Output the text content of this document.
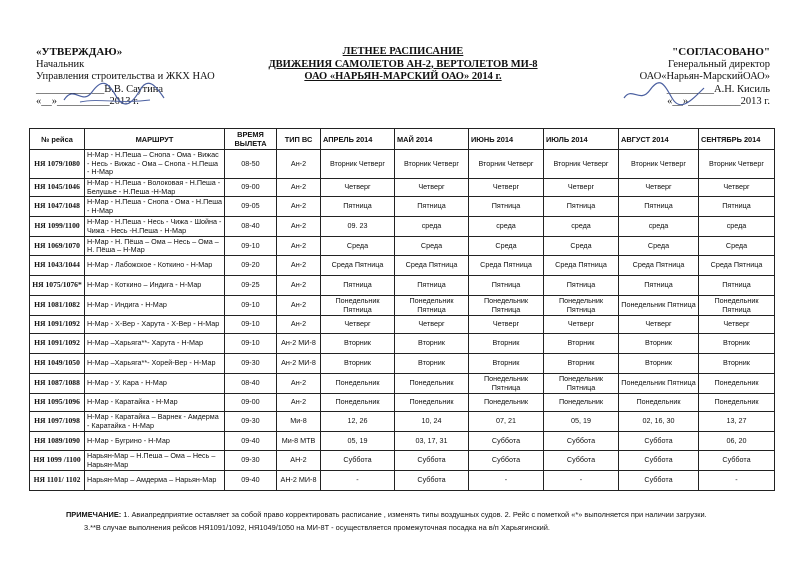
«УТВЕРЖДАЮ»
Начальник
Управления строительства и ЖКХ НАО
_____________В.В. Саутина
«__»__________2013 г.
ЛЕТНЕЕ РАСПИСАНИЕ
ДВИЖЕНИЯ САМОЛЕТОВ АН-2, ВЕРТОЛЕТОВ МИ-8
ОАО «НАРЬЯН-МАРСКИЙ ОАО» 2014 г.
"СОГЛАСОВАНО"
Генеральный директор
ОАО«Нарьян-МарскийОАО»
_________А.Н. Кисиль
«__»__________2013 г.
№ рейса	МАРШРУТ	ВРЕМЯ ВЫЛЕТА	ТИП ВС	АПРЕЛЬ 2014	МАЙ 2014	ИЮНЬ 2014	ИЮЛЬ 2014	АВГУСТ 2014	СЕНТЯБРЬ 2014
НЯ 1079/1080	Н-Мар - Н.Пеша – Снопа - Ома - Вижас - Несь - Вижас - Ома – Снопа - Н.Пеша - Н-Мар	08-50	Ан-2	Вторник Четверг	Вторник Четверг	Вторник Четверг	Вторник Четверг	Вторник Четверг	Вторник Четверг
НЯ 1045/1046	Н-Мар - Н.Пеша - Волоковая - Н.Пеша - Белушье - Н.Пеша -Н-Мар	09-00	Ан-2	Четверг	Четверг	Четверг	Четверг	Четверг	Четверг
НЯ 1047/1048	Н-Мар - Н.Пеша - Снопа - Ома - Н.Пеша - Н-Мар	09-05	Ан-2	Пятница	Пятница	Пятница	Пятница	Пятница	Пятница
НЯ 1099/1100	Н-Мар - Н.Пеша - Несь - Чижа - Шойна - Чижа - Несь -Н.Пеша - Н-Мар	08-40	Ан-2	09. 23	среда	среда	среда	среда	среда
НЯ 1069/1070	Н-Мар - Н. Пёша – Ома – Несь – Ома – Н. Пёша – Н-Мар	09-10	Ан-2	Среда	Среда	Среда	Среда	Среда	Среда
НЯ 1043/1044	Н-Мар - Лабожское - Коткино - Н-Мар	09-20	Ан-2	Среда Пятница	Среда Пятница	Среда Пятница	Среда Пятница	Среда Пятница	Среда Пятница
НЯ 1075/1076*	Н-Мар - Коткино – Индига - Н-Мар	09-25	Ан-2	Пятница	Пятница	Пятница	Пятница	Пятница	Пятница
НЯ 1081/1082	Н-Мар - Индига - Н-Мар	09-10	Ан-2	Понедельник Пятница	Понедельник Пятница	Понедельник Пятница	Понедельник Пятница	Понедельник Пятница	Понедельник Пятница
НЯ 1091/1092	Н-Мар - Х-Вер - Харута - Х-Вер - Н-Мар	09-10	Ан-2	Четверг	Четверг	Четверг	Четверг	Четверг	Четверг
НЯ 1091/1092	Н-Мар –Харьяга**- Харута - Н-Мар	09-10	Ан-2 МИ-8	Вторник	Вторник	Вторник	Вторник	Вторник	Вторник
НЯ 1049/1050	Н-Мар –Харьяга**- Хорей-Вер - Н-Мар	09-30	Ан-2 МИ-8	Вторник	Вторник	Вторник	Вторник	Вторник	Вторник
НЯ 1087/1088	Н-Мар - У. Кара - Н-Мар	08-40	Ан-2	Понедельник	Понедельник	Понедельник Пятница	Понедельник Пятница	Понедельник Пятница	Понедельник
НЯ 1095/1096	Н-Мар - Каратайка - Н-Мар	09-00	Ан-2	Понедельник	Понедельник	Понедельник	Понедельник	Понедельник	Понедельник
НЯ 1097/1098	Н-Мар - Каратайка – Варнек - Амдерма - Каратайка - Н-Мар	09-30	Ми-8	12, 26	10, 24	07, 21	05, 19	02, 16, 30	13, 27
НЯ 1089/1090	Н-Мар - Бугрино - Н-Мар	09-40	Ми-8 МТВ	05, 19	03, 17, 31	Суббота	Суббота	Суббота	06, 20
НЯ 1099 /1100	Нарьян-Мар – Н.Пеша – Ома – Несь – Нарьян-Мар	09-30	АН-2	Суббота	Суббота	Суббота	Суббота	Суббота	Суббота
НЯ 1101/ 1102	Нарьян-Мар – Амдерма – Нарьян-Мар	09-40	АН-2 МИ-8	-	Суббота	-	-	Суббота	-
ПРИМЕЧАНИЕ: 1. Авиапредприятие оставляет за собой право корректировать расписание , изменять типы воздушных судов. 2. Рейс с пометкой «*» выполняется при наличии загрузки.
3.**В случае выполнения рейсов НЯ1091/1092, НЯ1049/1050 на МИ-8Т - осуществляется промежуточная посадка на в/п Харьягинский.
